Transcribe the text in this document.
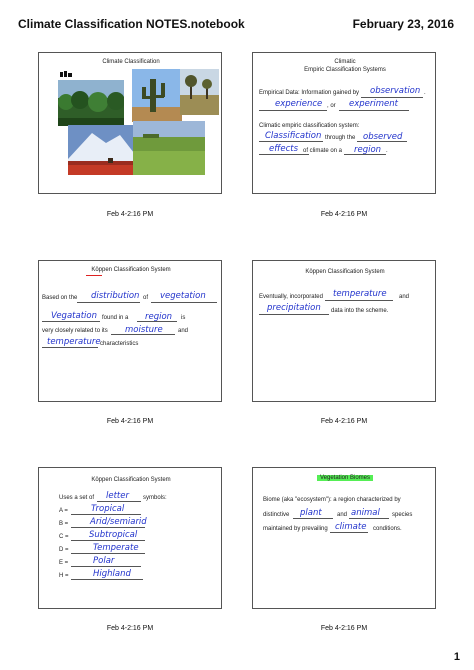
Climate Classification NOTES.notebook	February 23, 2016
Climate Classification
Feb 4-2:16 PM
Climatic
Empiric Classification Systems
Empirical Data: Information gained by observation .
experience , or experiment
Climatic empiric classification system:
Classification through the observed
effects of climate on a region .
Feb 4-2:16 PM
Köppen Classification System
Based on the distribution of vegetation
Vegatation found in a region is
very closely related to its moisture	and
temperature characteristics
Feb 4-2:16 PM
Köppen Classification System
Eventually, incorporated temperature and
precipitation data into the scheme.
Feb 4-2:16 PM
Köppen Classification System
Uses a set of letter symbols:
A =	Tropical
B =	Arid/semiarid
C = Subtropical
D =	Temperate
E =	Polar
H =	Highland
Feb 4-2:16 PM
Vegetation Biomes
Biome (aka "ecosystem"): a region characterized by
distinctive plant	and animal species
maintained by prevailing climate conditions.
Feb 4-2:16 PM
1
